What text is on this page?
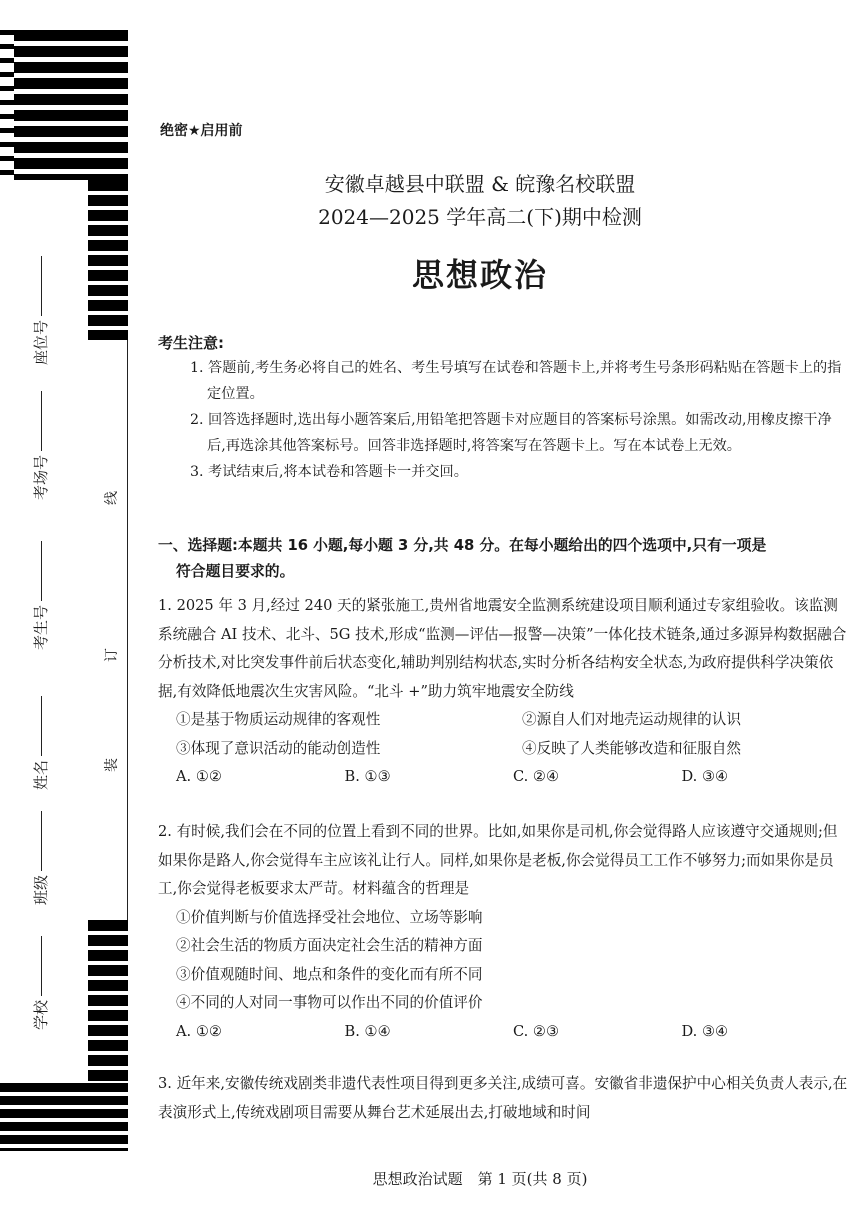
座位号
考场号
考生号
姓名
班级
学校
线
订
装
绝密★启用前
安徽卓越县中联盟 & 皖豫名校联盟
2024—2025 学年高二(下)期中检测
思想政治
考生注意:
1. 答题前,考生务必将自己的姓名、考生号填写在试卷和答题卡上,并将考生号条形码粘贴在答题卡上的指定位置。
2. 回答选择题时,选出每小题答案后,用铅笔把答题卡对应题目的答案标号涂黑。如需改动,用橡皮擦干净后,再选涂其他答案标号。回答非选择题时,将答案写在答题卡上。写在本试卷上无效。
3. 考试结束后,将本试卷和答题卡一并交回。
一、选择题:本题共 16 小题,每小题 3 分,共 48 分。在每小题给出的四个选项中,只有一项是
符合题目要求的。
1. 2025 年 3 月,经过 240 天的紧张施工,贵州省地震安全监测系统建设项目顺利通过专家组验收。该监测系统融合 AI 技术、北斗、5G 技术,形成“监测—评估—报警—决策”一体化技术链条,通过多源异构数据融合分析技术,对比突发事件前后状态变化,辅助判别结构状态,实时分析各结构安全状态,为政府提供科学决策依据,有效降低地震次生灾害风险。“北斗 +”助力筑牢地震安全防线
①是基于物质运动规律的客观性	②源自人们对地壳运动规律的认识
③体现了意识活动的能动创造性	④反映了人类能够改造和征服自然
A. ①②	B. ①③	C. ②④	D. ③④
2. 有时候,我们会在不同的位置上看到不同的世界。比如,如果你是司机,你会觉得路人应该遵守交通规则;但如果你是路人,你会觉得车主应该礼让行人。同样,如果你是老板,你会觉得员工工作不够努力;而如果你是员工,你会觉得老板要求太严苛。材料蕴含的哲理是
①价值判断与价值选择受社会地位、立场等影响
②社会生活的物质方面决定社会生活的精神方面
③价值观随时间、地点和条件的变化而有所不同
④不同的人对同一事物可以作出不同的价值评价
A. ①②	B. ①④	C. ②③	D. ③④
3. 近年来,安徽传统戏剧类非遗代表性项目得到更多关注,成绩可喜。安徽省非遗保护中心相关负责人表示,在表演形式上,传统戏剧项目需要从舞台艺术延展出去,打破地域和时间
思想政治试题　第 1 页(共 8 页)
